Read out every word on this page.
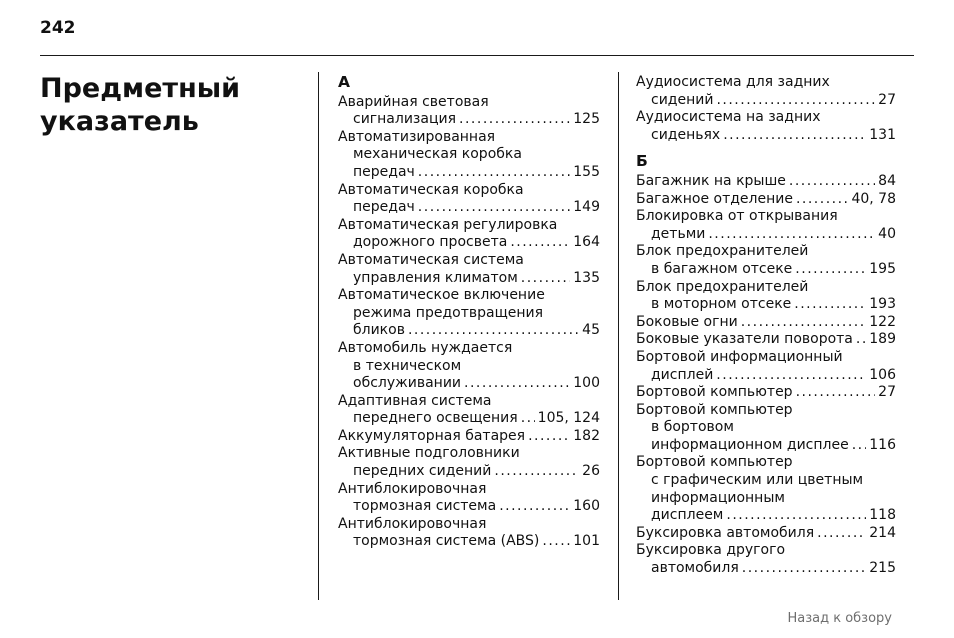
242
Предметный указатель
А
Аварийная световая
сигнализация .....	125
Автоматизированная
механическая коробка
передач .....	155
Автоматическая коробка
передач .....	149
Автоматическая регулировка
дорожного просвета .....	164
Автоматическая система
управления климатом .....	135
Автоматическое включение
режима предотвращения
бликов .....	45
Автомобиль нуждается
в техническом
обслуживании .....	100
Адаптивная система
переднего освещения ..... 105, 124
Аккумуляторная батарея .....	182
Активные подголовники
передних сидений .....	26
Антиблокировочная
тормозная система .....	160
Антиблокировочная
тормозная система (ABS) ..... 101
Аудиосистема для задних
сидений .....	27
Аудиосистема на задних
сиденьях .....	131
Б
Багажник на крыше .....	84
Багажное отделение .....	40, 78
Блокировка от открывания
детьми .....	40
Блок предохранителей
в багажном отсеке .....	195
Блок предохранителей
в моторном отсеке .....	193
Боковые огни .....	122
Боковые указатели поворота ..... 189
Бортовой информационный
дисплей .....	106
Бортовой компьютер .....	27
Бортовой компьютер
в бортовом
информационном дисплее ..... 116
Бортовой компьютер
с графическим или цветным
информационным
дисплеем .....	118
Буксировка автомобиля .....	214
Буксировка другого
автомобиля .....	215
Назад к обзору
